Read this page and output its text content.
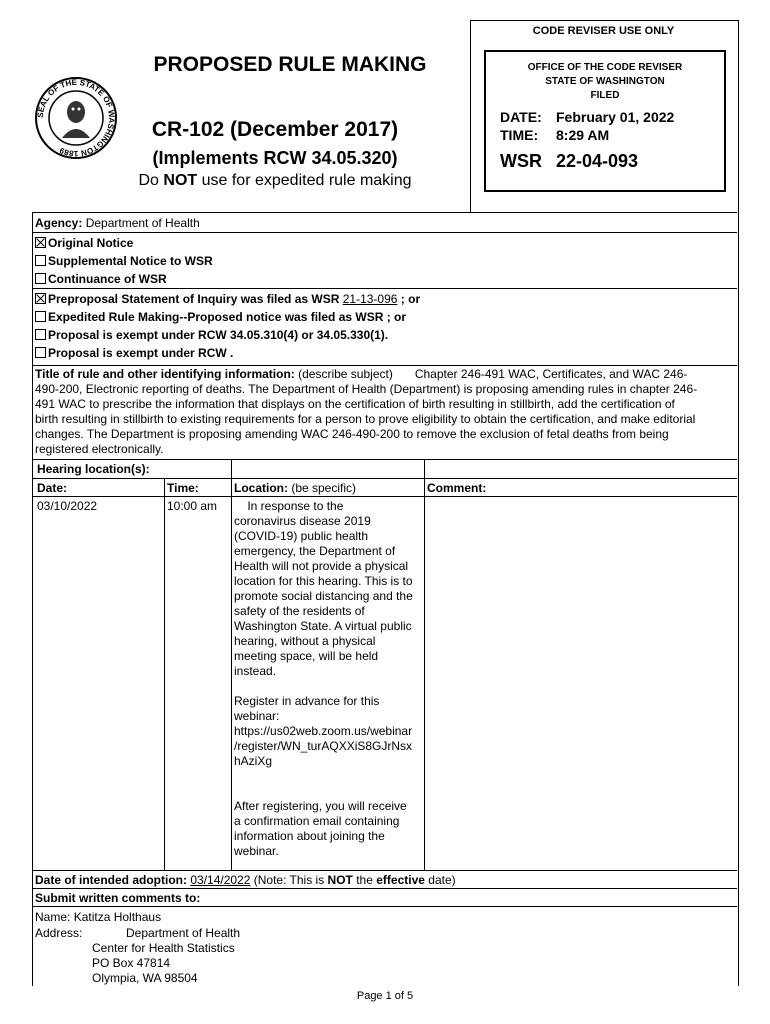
SEAL OF THE STATE OF WASHINGTON 1889
PROPOSED RULE MAKING
CR-102 (December 2017)
(Implements RCW 34.05.320)
Do NOT use for expedited rule making
CODE REVISER USE ONLY
OFFICE OF THE CODE REVISER
STATE OF WASHINGTON
FILED
DATE: February 01, 2022
TIME: 8:29 AM
WSR 22-04-093
Agency: Department of Health
Original Notice
Supplemental Notice to WSR
Continuance of WSR
Preproposal Statement of Inquiry was filed as WSR 21-13-096 ; or
Expedited Rule Making--Proposed notice was filed as WSR ; or
Proposal is exempt under RCW 34.05.310(4) or 34.05.330(1).
Proposal is exempt under RCW .
Title of rule and other identifying information: (describe subject) Chapter 246-491 WAC, Certificates, and WAC 246-
490-200, Electronic reporting of deaths. The Department of Health (Department) is proposing amending rules in chapter 246-
491 WAC to prescribe the information that displays on the certification of birth resulting in stillbirth, add the certification of
birth resulting in stillbirth to existing requirements for a person to prove eligibility to obtain the certification, and make editorial
changes. The Department is proposing amending WAC 246-490-200 to remove the exclusion of fetal deaths from being
registered electronically.
Hearing location(s):
Date:	Time:	Location: (be specific)	Comment:
03/10/2022	10:00 am In response to the
coronavirus disease 2019
(COVID-19) public health
emergency, the Department of
Health will not provide a physical
location for this hearing. This is to
promote social distancing and the
safety of the residents of
Washington State. A virtual public
hearing, without a physical
meeting space, will be held
instead.
Register in advance for this
webinar:
https://us02web.zoom.us/webinar
/register/WN_turAQXXiS8GJrNsx
hAziXg
After registering, you will receive
a confirmation email containing
information about joining the
webinar.
Date of intended adoption: 03/14/2022 (Note: This is NOT the effective date)
Submit written comments to:
Name: Katitza Holthaus
Address:	Department of Health
Center for Health Statistics
PO Box 47814
Olympia, WA 98504
Page 1 of 5
